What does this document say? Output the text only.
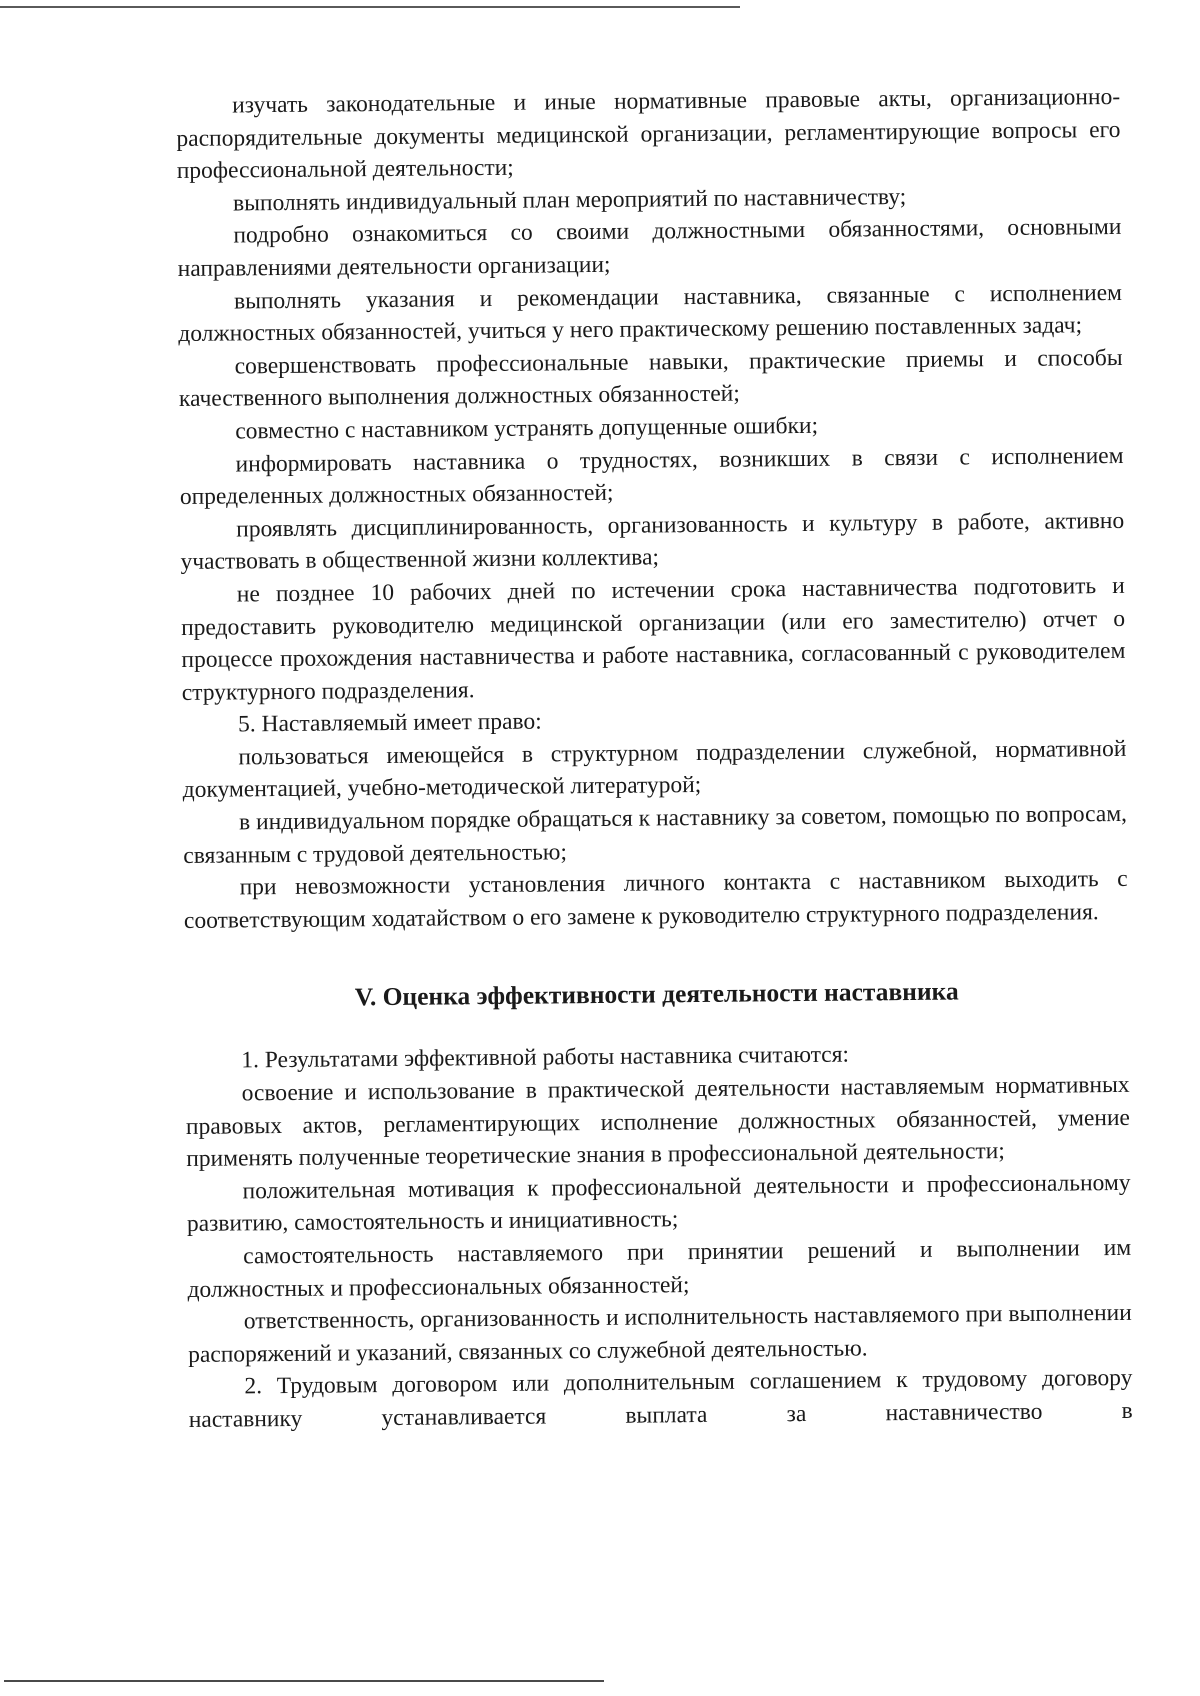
изучать законодательные и иные нормативные правовые акты, организационно-распорядительные документы медицинской организации, регламентирующие вопросы его профессиональной деятельности;

выполнять индивидуальный план мероприятий по наставничеству;

подробно ознакомиться со своими должностными обязанностями, основными направлениями деятельности организации;

выполнять указания и рекомендации наставника, связанные с исполнением должностных обязанностей, учиться у него практическому решению поставленных задач;

совершенствовать профессиональные навыки, практические приемы и способы качественного выполнения должностных обязанностей;

совместно с наставником устранять допущенные ошибки;

информировать наставника о трудностях, возникших в связи с исполнением определенных должностных обязанностей;

проявлять дисциплинированность, организованность и культуру в работе, активно участвовать в общественной жизни коллектива;

не позднее 10 рабочих дней по истечении срока наставничества подготовить и предоставить руководителю медицинской организации (или его заместителю) отчет о процессе прохождения наставничества и работе наставника, согласованный с руководителем структурного подразделения.

5. Наставляемый имеет право:

пользоваться имеющейся в структурном подразделении служебной, нормативной документацией, учебно-методической литературой;

в индивидуальном порядке обращаться к наставнику за советом, помощью по вопросам, связанным с трудовой деятельностью;

при невозможности установления личного контакта с наставником выходить с соответствующим ходатайством о его замене к руководителю структурного подразделения.

V. Оценка эффективности деятельности наставника

1. Результатами эффективной работы наставника считаются:

освоение и использование в практической деятельности наставляемым нормативных правовых актов, регламентирующих исполнение должностных обязанностей, умение применять полученные теоретические знания в профессиональной деятельности;

положительная мотивация к профессиональной деятельности и профессиональному развитию, самостоятельность и инициативность;

самостоятельность наставляемого при принятии решений и выполнении им должностных и профессиональных обязанностей;

ответственность, организованность и исполнительность наставляемого при выполнении распоряжений и указаний, связанных со служебной деятельностью.

2. Трудовым договором или дополнительным соглашением к трудовому договору наставнику устанавливается выплата за наставничество в
